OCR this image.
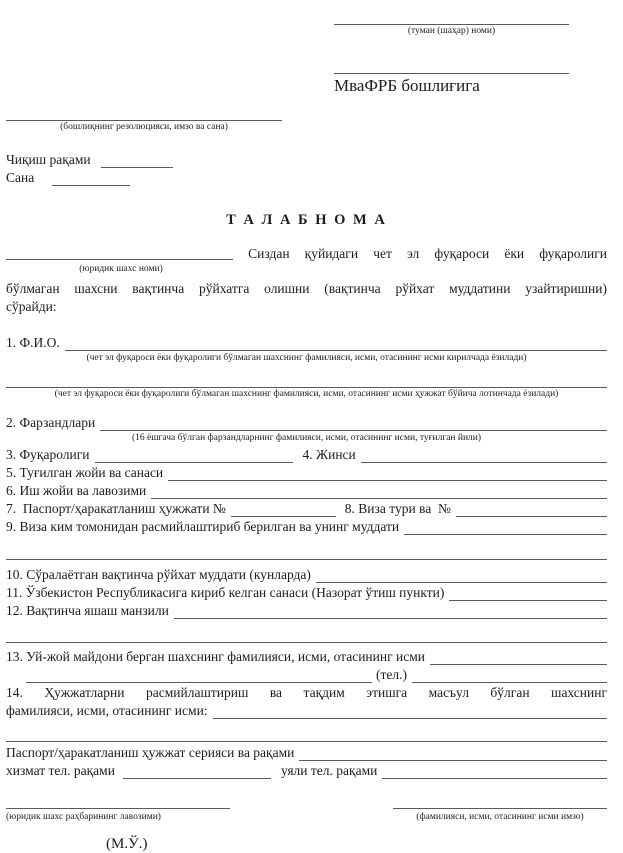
(туман (шаҳар) номи)
МваФРБ бошлиғига
(бошлиқнинг резолюцияси, имзо ва сана)
Чиқиш рақами
Сана
Т А Л А Б Н О М А
Сиздан қуйидаги чет эл фуқароси ёки фуқаролиги
(юридик шахс номи)
бўлмаган шахсни вақтинча рўйхатга олишни (вақтинча рўйхат муддатини узайтиришни)
сўрайди:
1. Ф.И.О.
(чет эл фуқароси ёки фуқаролиги бўлмаган шахснинг фамилияси, исми, отасининг исми кирилчада ёзилади)
(чет эл фуқароси ёки фуқаролиги бўлмаган шахснинг фамилияси, исми, отасининг исми ҳужжат бўйича лотинчада ёзилади)
2. Фарзандлари
(16 ёшгача бўлган фарзандларнинг фамилияси, исми, отасининг исми, туғилган йили)
3. Фуқаролиги	4. Жинси
5. Туғилган жойи ва санаси
6. Иш жойи ва лавозими
7.  Паспорт/ҳаракатланиш ҳужжати №	8. Виза тури ва  №
9. Виза ким томонидан расмийлаштириб берилган ва унинг муддати
10. Сўралаётган вақтинча рўйхат муддати (кунларда)
11. Ўзбекистон Республикасига кириб келган санаси (Назорат ўтиш пункти)
12. Вақтинча яшаш манзили
13. Уй-жой майдони берган шахснинг фамилияси, исми, отасининг исми
(тел.)
14. Ҳужжатларни расмийлаштириш ва тақдим этишга масъул бўлган шахснинг
фамилияси, исми, отасининг исми:
Паспорт/ҳаракатланиш ҳужжат серияси ва рақами
хизмат тел. рақами	уяли тел. рақами
(юридик шахс раҳбарининг лавозими)	(фамилияси, исми, отасининг исми имзо)
(М.Ў.)
